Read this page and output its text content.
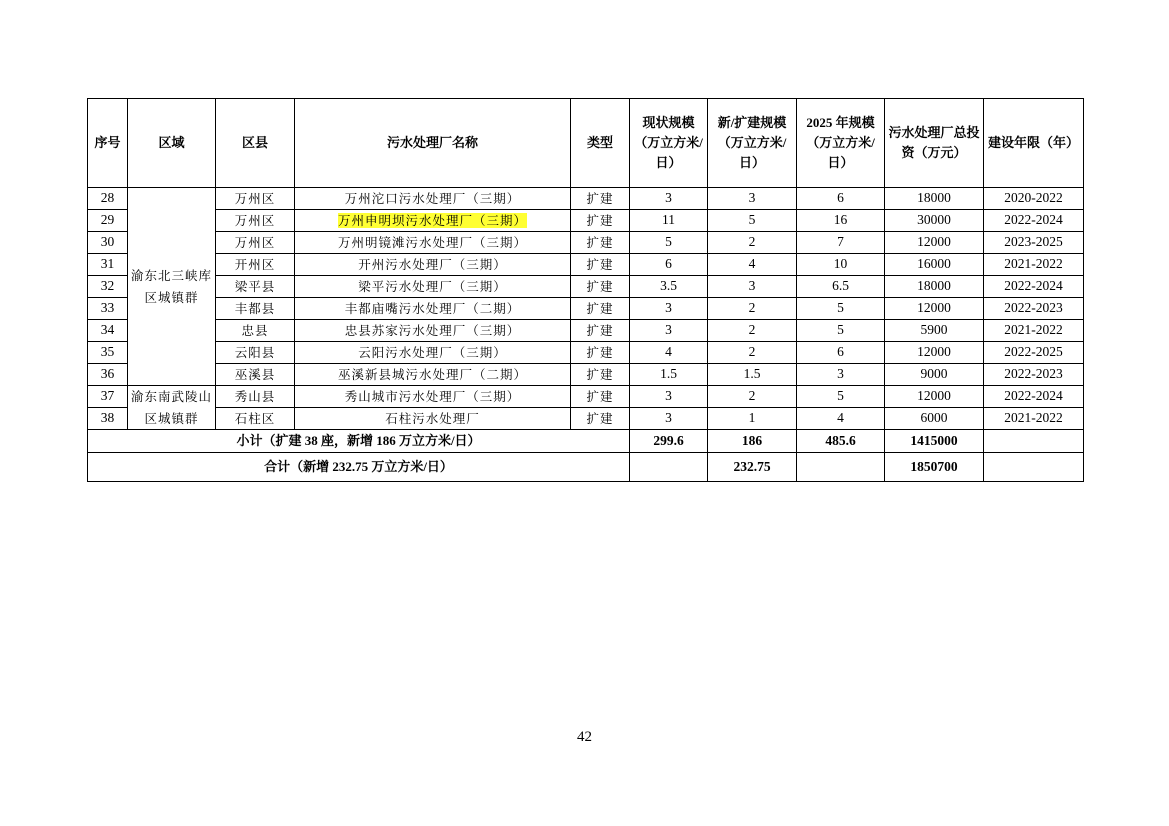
序号	区域	区县	污水处理厂名称	类型	现状规模（万立方米/日）	新/扩建规模（万立方米/日）	2025 年规模（万立方米/日）	污水处理厂总投资（万元）	建设年限（年）
28	渝东北三峡库区城镇群	万州区	万州沱口污水处理厂（三期）	扩建	3	3	6	18000	2020-2022
29		万州区	万州申明坝污水处理厂（三期）	扩建	11	5	16	30000	2022-2024
30		万州区	万州明镜滩污水处理厂（三期）	扩建	5	2	7	12000	2023-2025
31		开州区	开州污水处理厂（三期）	扩建	6	4	10	16000	2021-2022
32		梁平县	梁平污水处理厂（三期）	扩建	3.5	3	6.5	18000	2022-2024
33		丰都县	丰都庙嘴污水处理厂（二期）	扩建	3	2	5	12000	2022-2023
34		忠县	忠县苏家污水处理厂（三期）	扩建	3	2	5	5900	2021-2022
35		云阳县	云阳污水处理厂（三期）	扩建	4	2	6	12000	2022-2025
36		巫溪县	巫溪新县城污水处理厂（二期）	扩建	1.5	1.5	3	9000	2022-2023
37	渝东南武陵山区城镇群	秀山县	秀山城市污水处理厂（三期）	扩建	3	2	5	12000	2022-2024
38		石柱区	石柱污水处理厂	扩建	3	1	4	6000	2021-2022
小计（扩建 38 座，新增 186 万立方米/日）					299.6	186	485.6	1415000	
合计（新增 232.75 万立方米/日）						232.75		1850700	
42
